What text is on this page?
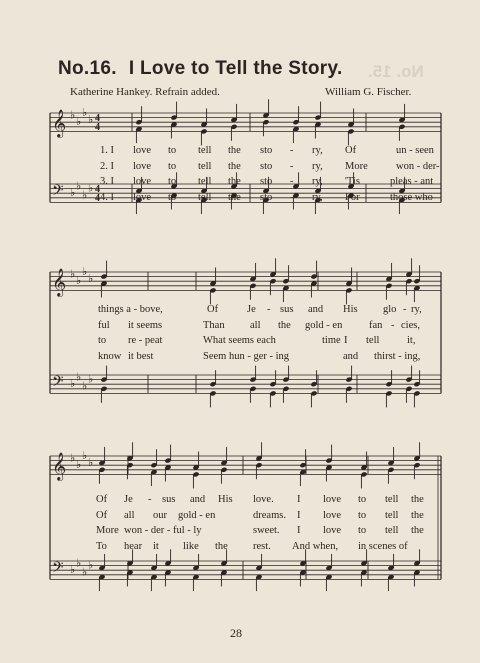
𝄞
𝄢
♭
♭
♭
♭
♭
♭
♭
♭
4
4
4
4
𝄞
𝄢
♭
♭
♭
♭
♭
♭
♭
♭
𝄞
𝄢
♭
♭
♭
♭
♭
♭
♭
♭
No.16. I Love to Tell the Story. No. 15.
Katherine Hankey. Refrain added.	William G. Fischer.
1. I love to tell the sto - ry, Of	un - seen
2. I love to tell the sto - ry, More	won - der-
3. I love to tell the sto - ry, 'Tis	pleas - ant
4. I love to tell the sto - ry, For	those who
things a - bove,	Of	Je - sus and His glo - ry,
ful it seems	Than all the gold - en	fan - cies,
to re - peat	What seems each	time I tell	it,
know it best	Seem hun - ger - ing	and thirst - ing,
Of Je - sus and His love. I love to tell the
Of all our gold - en	dreams. I love to tell the
More won - der - ful - ly	sweet. I love to tell the
To hear it like the rest. And when, in scenes of
28
